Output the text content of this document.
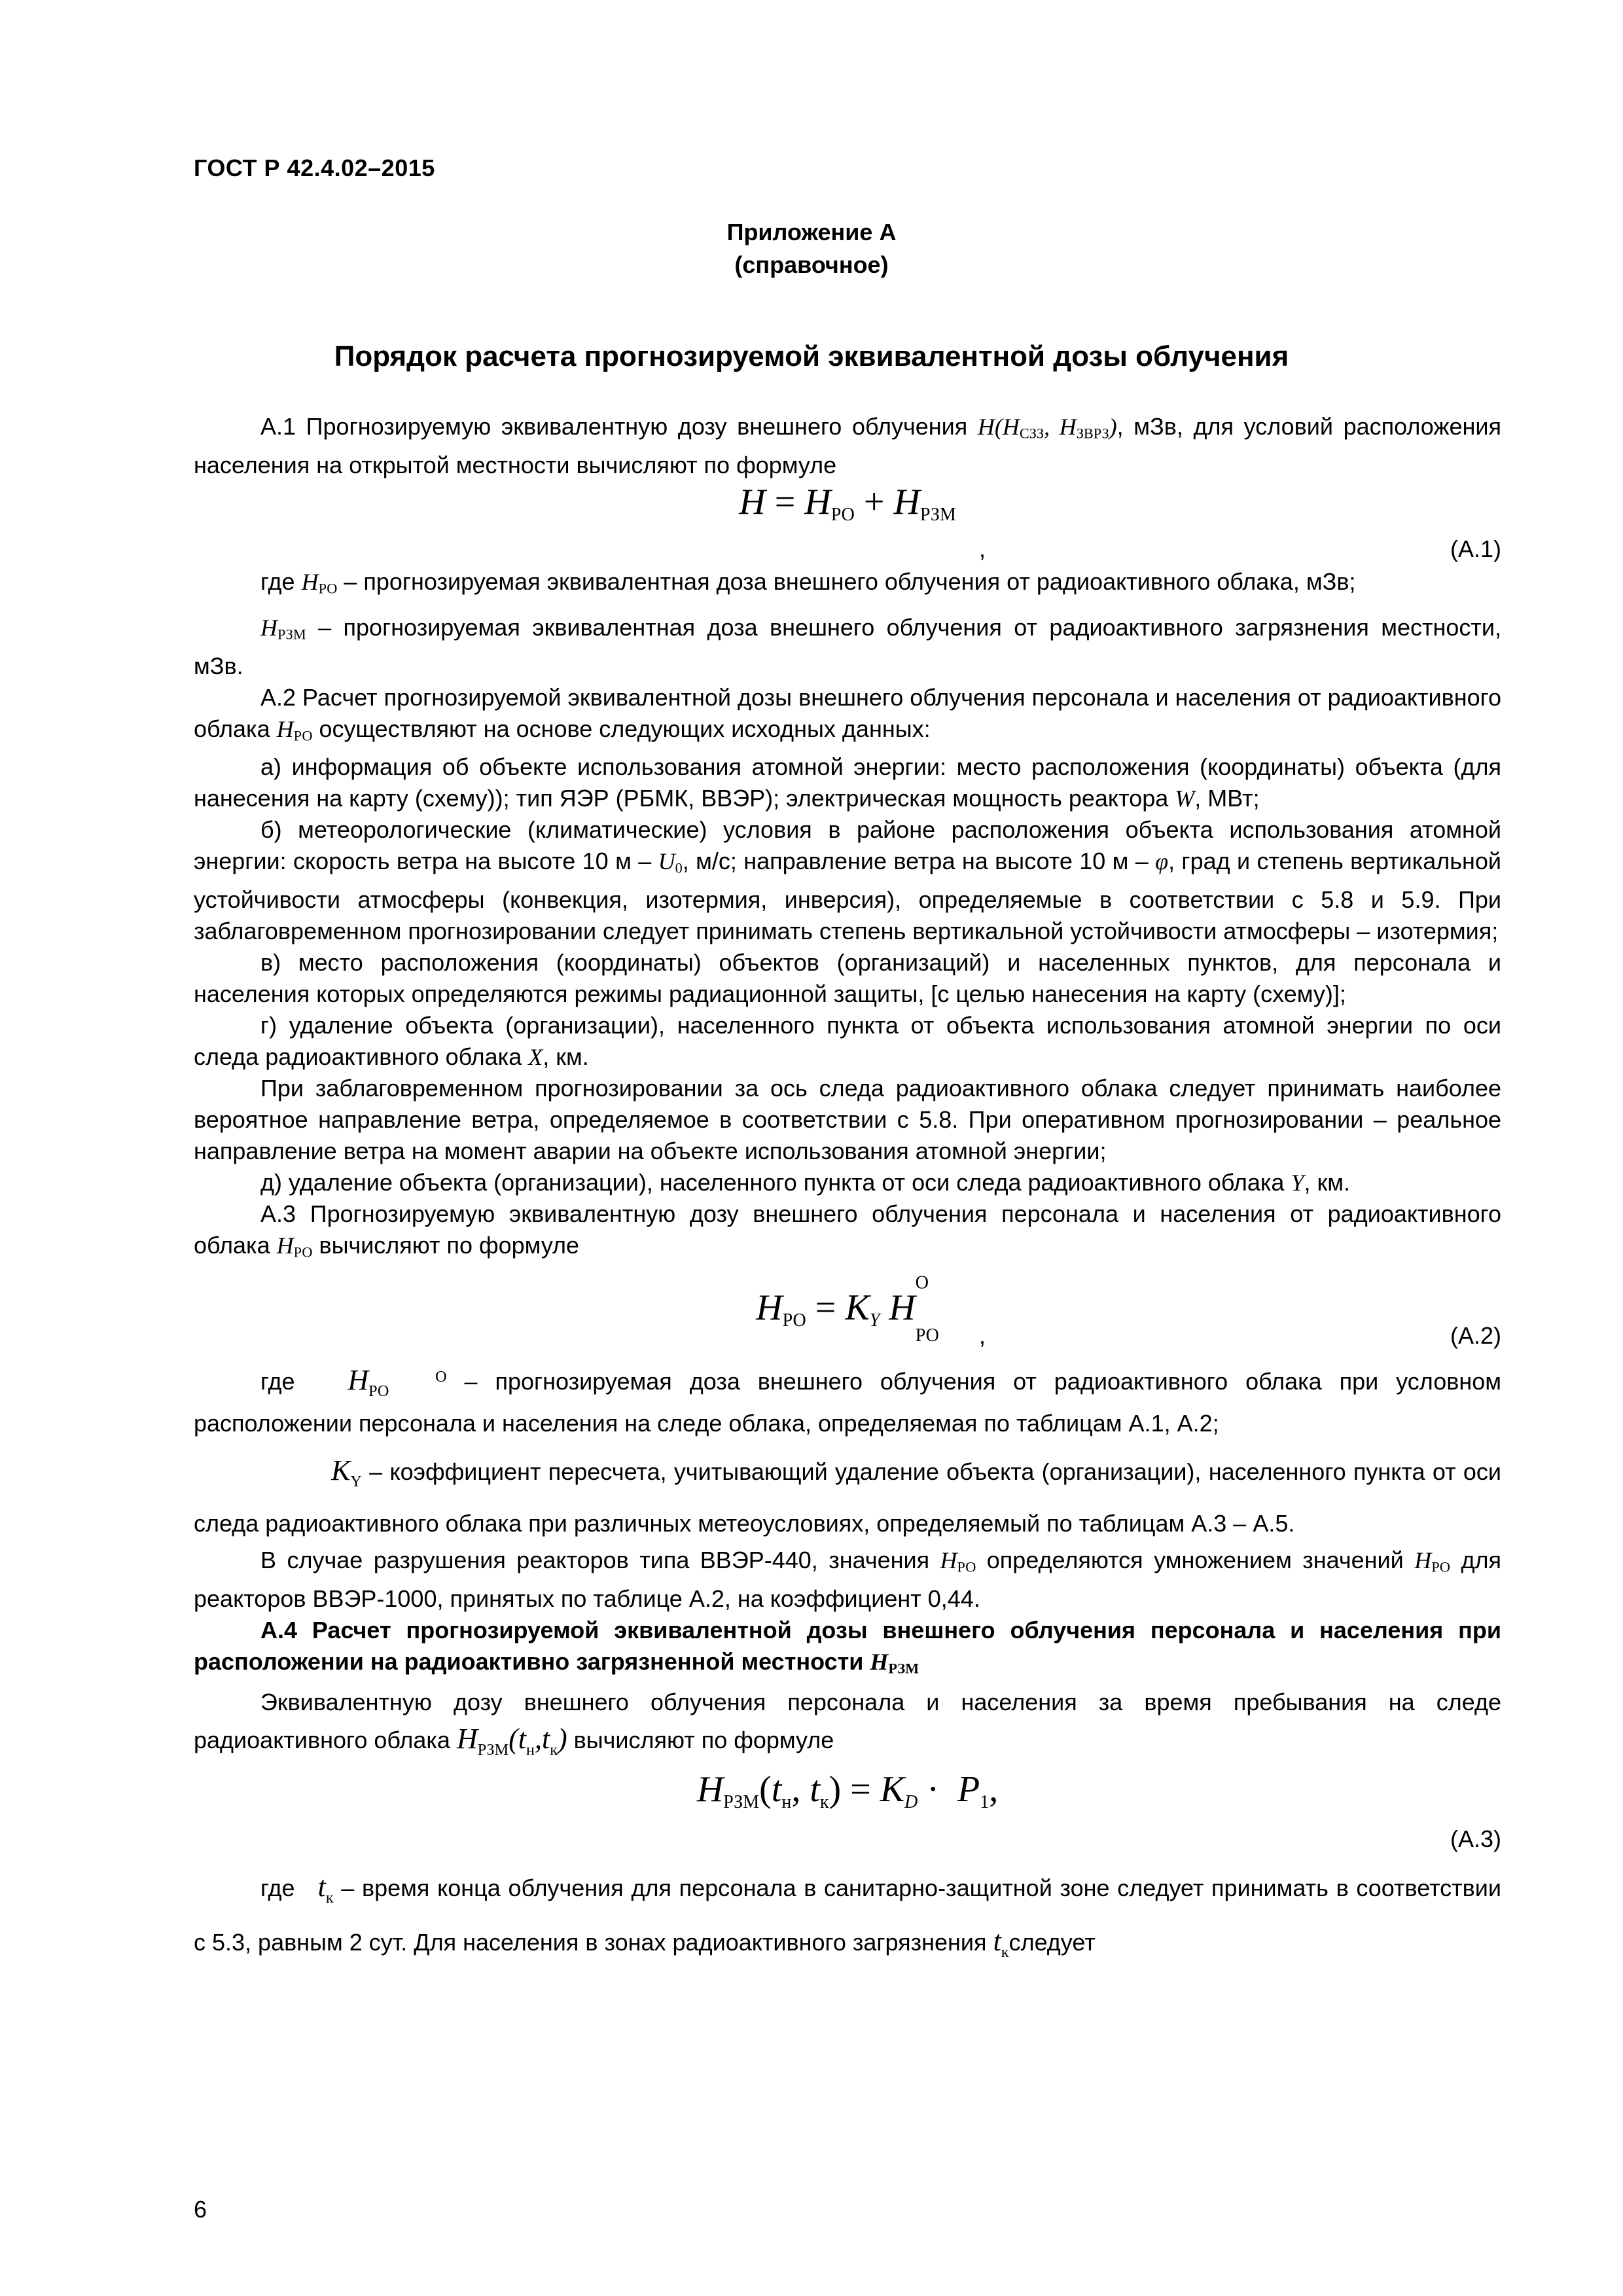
ГОСТ Р 42.4.02–2015
Приложение А
(справочное)
Порядок расчета прогнозируемой эквивалентной дозы облучения

А.1 Прогнозируемую эквивалентную дозу внешнего облучения $H(H_{СЗЗ}$, $H_{ЗВРЗ}$), мЗв, для условий расположения населения на открытой местности вычисляют по формуле

$H = H_{РО} + H_{РЗМ}$
,	(А.1)

где $H_{РО}$ – прогнозируемая эквивалентная доза внешнего облучения от радиоактивного облака, мЗв;

$H_{РЗМ}$ – прогнозируемая эквивалентная доза внешнего облучения от радиоактивного загрязнения местности, мЗв.

А.2 Расчет прогнозируемой эквивалентной дозы внешнего облучения персонала и населения от радиоактивного облака $H_{РО}$ осуществляют на основе следующих исходных данных:

а) информация об объекте использования атомной энергии: место расположения (координаты) объекта (для нанесения на карту (схему)); тип ЯЭР (РБМК, ВВЭР); электрическая мощность реактора W, МВт;

б) метеорологические (климатические) условия в районе расположения объекта использования атомной энергии: скорость ветра на высоте 10 м – $U_0$, м/с; направление ветра на высоте 10 м – φ, град и степень вертикальной устойчивости атмосферы (конвекция, изотермия, инверсия), определяемые в соответствии с 5.8 и 5.9. При заблаговременном прогнозировании следует принимать степень вертикальной устойчивости атмосферы – изотермия;

в) место расположения (координаты) объектов (организаций) и населенных пунктов, для персонала и населения которых определяются режимы радиационной защиты, [с целью нанесения на карту (схему)];

г) удаление объекта (организации), населенного пункта от объекта использования атомной энергии по оси следа радиоактивного облака X, км.

При заблаговременном прогнозировании за ось следа радиоактивного облака следует принимать наиболее вероятное направление ветра, определяемое в соответствии с 5.8. При оперативном прогнозировании – реальное направление ветра на момент аварии на объекте использования атомной энергии;

д) удаление объекта (организации), населенного пункта от оси следа радиоактивного облака Y, км.

А.3 Прогнозируемую эквивалентную дозу внешнего облучения персонала и населения от радиоактивного облака $H_{РО}$ вычисляют по формуле

$H_{РО} = K_Y$ $H^O$
$_{РО}$	,	(А.2)

где H	O
РО – прогнозируемая доза внешнего облучения от радиоактивного облака при условном расположении персонала и населения на следе облака, определяемая по таблицам А.1, А.2;

$K_Y$ – коэффициент пересчета, учитывающий удаление объекта (организации), населенного пункта от оси следа радиоактивного облака при различных метеоусловиях, определяемый по таблицам А.3 – А.5.

В случае разрушения реакторов типа ВВЭР-440, значения $H_{РО}$ определяются умножением значений $H_{РО}$ для реакторов ВВЭР-1000, принятых по таблице А.2, на коэффициент 0,44.

А.4 Расчет прогнозируемой эквивалентной дозы внешнего облучения персонала и населения при расположении на радиоактивно загрязненной местности $H_{РЗМ}$

Эквивалентную дозу внешнего облучения персонала и населения за время пребывания на следе радиоактивного облака $H_{РЗМ}(t_н,t_к)$ вычисляют по формуле

$H_{РЗМ}(t_н$, $t_к) = K_D \cdot P_1$,
(А.3)

где $t_к$ – время конца облучения для персонала в санитарно-защитной зоне следует принимать в соответствии с 5.3, равным 2 сут. Для населения в зонах радиоактивного загрязнения $t_кследует$

6
